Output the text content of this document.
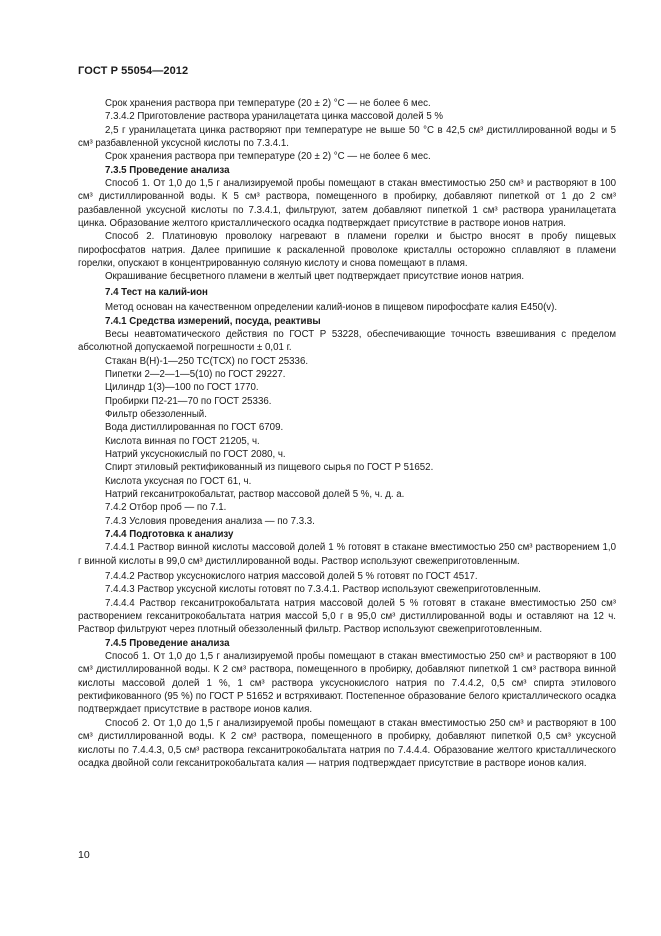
ГОСТ Р 55054—2012

Срок хранения раствора при температуре (20 ± 2) °С — не более 6 мес.

7.3.4.2 Приготовление раствора уранилацетата цинка массовой долей 5 %

2,5 г уранилацетата цинка растворяют при температуре не выше 50 °С в 42,5 см³ дистиллированной воды и 5 см³ разбавленной уксусной кислоты по 7.3.4.1.

Срок хранения раствора при температуре (20 ± 2) °С — не более 6 мес.

7.3.5 Проведение анализа

Способ 1. От 1,0 до 1,5 г анализируемой пробы помещают в стакан вместимостью 250 см³ и растворяют в 100 см³ дистиллированной воды. К 5 см³ раствора, помещенного в пробирку, добавляют пипеткой от 1 до 2 см³ разбавленной уксусной кислоты по 7.3.4.1, фильтруют, затем добавляют пипеткой 1 см³ раствора уранилацетата цинка. Образование желтого кристаллического осадка подтверждает присутствие в растворе ионов натрия.

Способ 2. Платиновую проволоку нагревают в пламени горелки и быстро вносят в пробу пищевых пирофосфатов натрия. Далее припишие к раскаленной проволоке кристаллы осторожно сплавляют в пламени горелки, опускают в концентрированную соляную кислоту и снова помещают в пламя.

Окрашивание бесцветного пламени в желтый цвет подтверждает присутствие ионов натрия.

7.4 Тест на калий-ион

Метод основан на качественном определении калий-ионов в пищевом пирофосфате калия Е450(v).

7.4.1 Средства измерений, посуда, реактивы

Весы неавтоматического действия по ГОСТ Р 53228, обеспечивающие точность взвешивания с пределом абсолютной допускаемой погрешности ± 0,01 г.

Стакан В(Н)-1—250 ТС(ТСХ) по ГОСТ 25336.

Пипетки 2—2—1—5(10) по ГОСТ 29227.

Цилиндр 1(3)—100 по ГОСТ 1770.

Пробирки П2-21—70 по ГОСТ 25336.

Фильтр обеззоленный.

Вода дистиллированная по ГОСТ 6709.

Кислота винная по ГОСТ 21205, ч.

Натрий уксуснокислый по ГОСТ 2080, ч.

Спирт этиловый ректификованный из пищевого сырья по ГОСТ Р 51652.

Кислота уксусная по ГОСТ 61, ч.

Натрий гексанитрокобальтат, раствор массовой долей 5 %, ч. д. а.

7.4.2 Отбор проб — по 7.1.

7.4.3 Условия проведения анализа — по 7.3.3.

7.4.4 Подготовка к анализу

7.4.4.1 Раствор винной кислоты массовой долей 1 % готовят в стакане вместимостью 250 см³ растворением 1,0 г винной кислоты в 99,0 см³ дистиллированной воды. Раствор используют свежеприготовленным.

7.4.4.2 Раствор уксуснокислого натрия массовой долей 5 % готовят по ГОСТ 4517.

7.4.4.3 Раствор уксусной кислоты готовят по 7.3.4.1. Раствор используют свежеприготовленным.

7.4.4.4 Раствор гексанитрокобальтата натрия массовой долей 5 % готовят в стакане вместимостью 250 см³ растворением гексанитрокобальтата натрия массой 5,0 г в 95,0 см³ дистиллированной воды и оставляют на 12 ч. Раствор фильтруют через плотный обеззоленный фильтр. Раствор используют свежеприготовленным.

7.4.5 Проведение анализа

Способ 1. От 1,0 до 1,5 г анализируемой пробы помещают в стакан вместимостью 250 см³ и растворяют в 100 см³ дистиллированной воды. К 2 см³ раствора, помещенного в пробирку, добавляют пипеткой 1 см³ раствора винной кислоты массовой долей 1 %, 1 см³ раствора уксуснокислого натрия по 7.4.4.2, 0,5 см³ спирта этилового ректификованного (95 %) по ГОСТ Р 51652 и встряхивают. Постепенное образование белого кристаллического осадка подтверждает присутствие в растворе ионов калия.

Способ 2. От 1,0 до 1,5 г анализируемой пробы помещают в стакан вместимостью 250 см³ и растворяют в 100 см³ дистиллированной воды. К 2 см³ раствора, помещенного в пробирку, добавляют пипеткой 0,5 см³ уксусной кислоты по 7.4.4.3, 0,5 см³ раствора гексанитрокобальтата натрия по 7.4.4.4. Образование желтого кристаллического осадка двойной соли гексанитрокобальтата калия — натрия подтверждает присутствие в растворе ионов калия.

10
